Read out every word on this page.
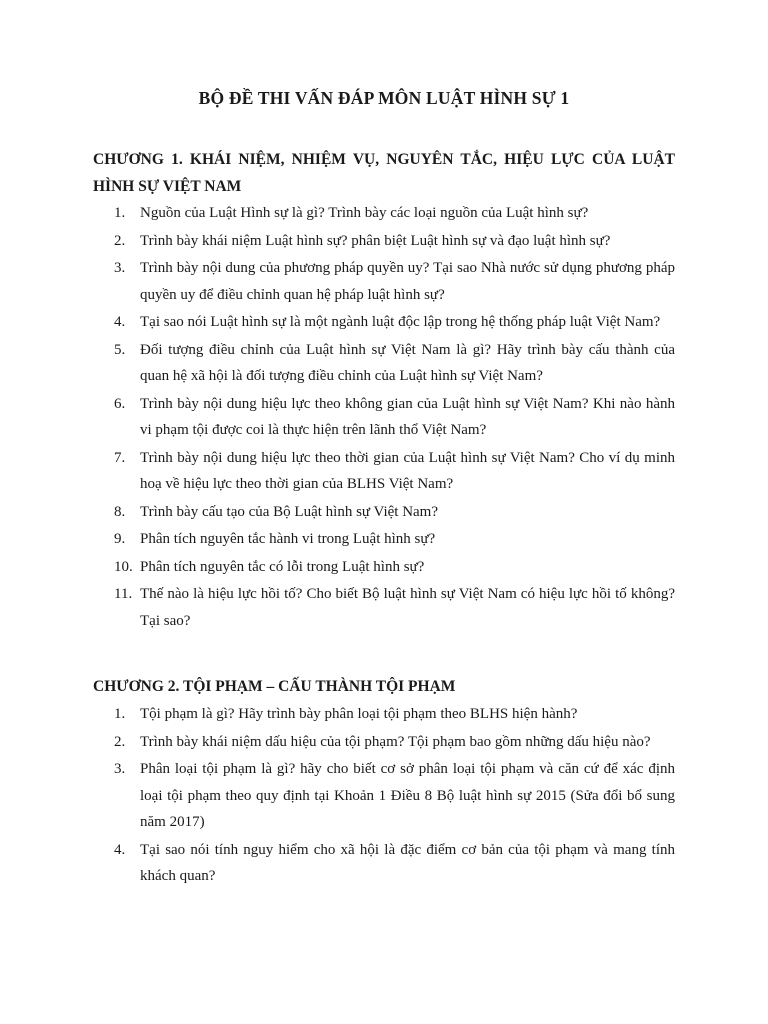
BỘ ĐỀ THI VẤN ĐÁP MÔN LUẬT HÌNH SỰ 1
CHƯƠNG 1. KHÁI NIỆM, NHIỆM VỤ, NGUYÊN TẮC, HIỆU LỰC CỦA LUẬT HÌNH SỰ VIỆT NAM
1. Nguồn của Luật Hình sự là gì? Trình bày các loại nguồn của Luật hình sự?
2. Trình bày khái niệm Luật hình sự? phân biệt Luật hình sự và đạo luật hình sự?
3. Trình bày nội dung của phương pháp quyền uy? Tại sao Nhà nước sử dụng phương pháp quyền uy để điều chỉnh quan hệ pháp luật hình sự?
4. Tại sao nói Luật hình sự là một ngành luật độc lập trong hệ thống pháp luật Việt Nam?
5. Đối tượng điều chỉnh của Luật hình sự Việt Nam là gì? Hãy trình bày cấu thành của quan hệ xã hội là đối tượng điều chỉnh của Luật hình sự Việt Nam?
6. Trình bày nội dung hiệu lực theo không gian của Luật hình sự Việt Nam? Khi nào hành vi phạm tội được coi là thực hiện trên lãnh thổ Việt Nam?
7. Trình bày nội dung hiệu lực theo thời gian của Luật hình sự Việt Nam? Cho ví dụ minh hoạ về hiệu lực theo thời gian của BLHS Việt Nam?
8. Trình bày cấu tạo của Bộ Luật hình sự Việt Nam?
9. Phân tích nguyên tắc hành vi trong Luật hình sự?
10. Phân tích nguyên tắc có lỗi trong Luật hình sự?
11. Thế nào là hiệu lực hồi tố? Cho biết Bộ luật hình sự Việt Nam có hiệu lực hồi tố không? Tại sao?
CHƯƠNG 2. TỘI PHẠM – CẤU THÀNH TỘI PHẠM
1. Tội phạm là gì? Hãy trình bày phân loại tội phạm theo BLHS hiện hành?
2. Trình bày khái niệm dấu hiệu của tội phạm? Tội phạm bao gồm những dấu hiệu nào?
3. Phân loại tội phạm là gì? hãy cho biết cơ sở phân loại tội phạm và căn cứ để xác định loại tội phạm theo quy định tại Khoản 1 Điều 8 Bộ luật hình sự 2015 (Sửa đổi bổ sung năm 2017)
4. Tại sao nói tính nguy hiểm cho xã hội là đặc điểm cơ bản của tội phạm và mang tính khách quan?
